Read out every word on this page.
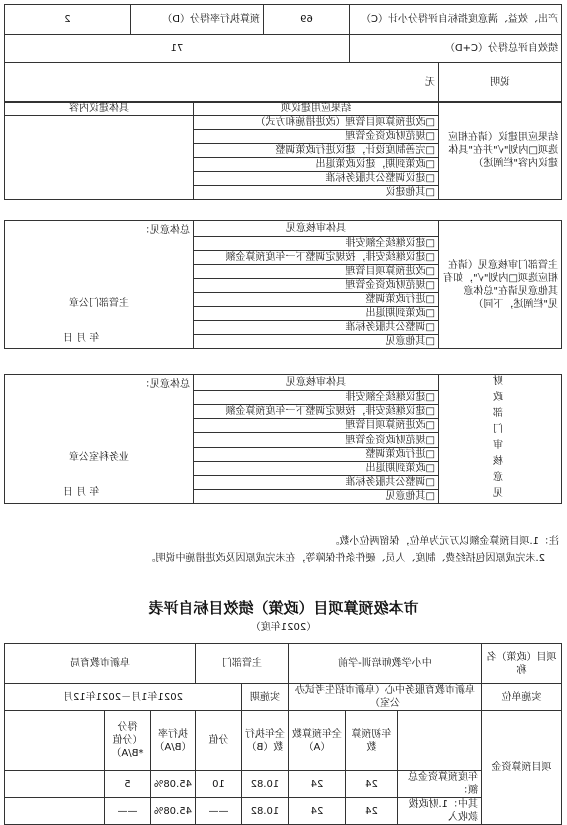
产出、效益、满意度指标自评得分小计（C）		69	预算执行率得分（D）	2
绩效自评总得分（C+D）		71		
说明	无			
结果应用建议（请在相应选项□内划"√"并在"具体建议内容"栏阐述）	结果应用建议项	具体建议内容
	□改进预算项目管理（改进措施和方式）	
	□规范财政资金管理	
	□完善制度设计，建议进行政策调整	
	□政策到期，建议政策退出	
	□建议调整公共服务标准	
	□其他建议	
主管部门审核意见（请在相应选项□内划"√"，如有其他意见请在"总体意见"栏阐述，下同）	具体审核意见	
总体意见：
主管部门公章
年 月 日

□建议继续全额安排
□建议继续安排，按规定调整下一年度预算金额
□改进预算项目管理
□规范财政资金管理
□进行政策调整
□政策到期退出
□调整公共服务标准
□其他意见
财政部门审核意见
	具体审核意见	
总体意见：
业务科室公章
年 月 日

□建议继续全额安排
□建议继续安排，按规定调整下一年度预算金额
□改进预算项目管理
□规范财政资金管理
□进行政策调整
□政策到期退出
□调整公共服务标准
□其他意见
注：1.项目预算金额以万元为单位，保留两位小数。
2.未完成原因包括经费、制度、人员、硬件条件保障等，在未完成原因及改进措施中说明。
市本级预算项目（政策）绩效目标自评表
（2021年度）
项目（政策）名称	中小学教师培训-学前			主管部门		阜新市教育局		
实施单位	阜新市教育服务中心（阜新市招生考试办公室）			实施期	2021年1月－2021年12月			
项目预算资金		年初预算数	全年预算数（A）	全年执行数（B）	分值	执行率（B/A）	得分（分值*B/A）	
	年度预算资金总额：	24	24	10.82	10	45.08%	5	
	其中：1.财政拨款收入	24	24	10.82	——	45.08%	——	
